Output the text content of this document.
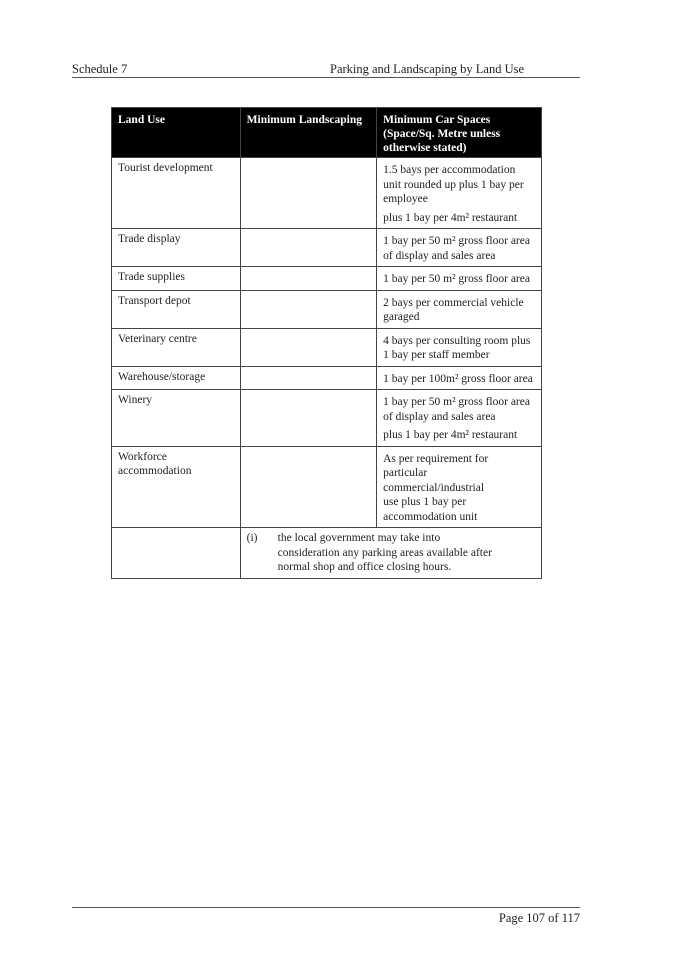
Schedule 7	Parking and Landscaping by Land Use
Land Use	Minimum Landscaping	Minimum Car Spaces (Space/Sq. Metre unless otherwise stated)
Tourist development		1.5 bays per accommodation unit rounded up plus 1 bay per employee
plus 1 bay per 4m² restaurant

Trade display		1 bay per 50 m² gross floor area of display and sales area

Trade supplies		1 bay per 50 m² gross floor area

Transport depot		2 bays per commercial vehicle garaged

Veterinary centre		4 bays per consulting room plus 1 bay per staff member

Warehouse/storage		1 bay per 100m² gross floor area

Winery		1 bay per 50 m² gross floor area of display and sales area
plus 1 bay per 4m² restaurant

Workforce accommodation		As per requirement for particular commercial/industrial use plus 1 bay per accommodation unit

	(i) the local government may take into consideration any parking areas available after normal shop and office closing hours.	
Page 107 of 117
